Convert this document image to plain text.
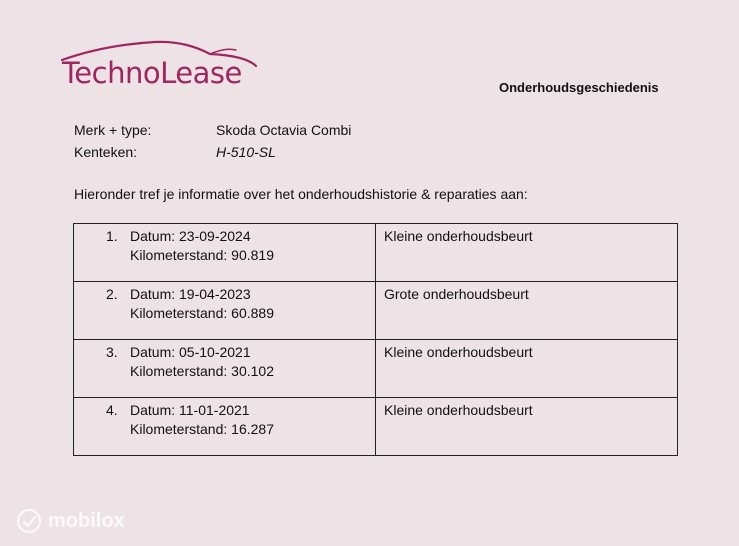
TechnoLease	Onderhoudsgeschiedenis
Merk + type:	Skoda Octavia Combi
Kenteken:	H-510-SL
Hieronder tref je informatie over het onderhoudshistorie & reparaties aan:
1. Datum: 23-09-2024
Kilometerstand: 90.819	Kleine onderhoudsbeurt

2. Datum: 19-04-2023
Kilometerstand: 60.889	Grote onderhoudsbeurt

3. Datum: 05-10-2021
Kilometerstand: 30.102	Kleine onderhoudsbeurt

4. Datum: 11-01-2021
Kilometerstand: 16.287	Kleine onderhoudsbeurt
mobilox
